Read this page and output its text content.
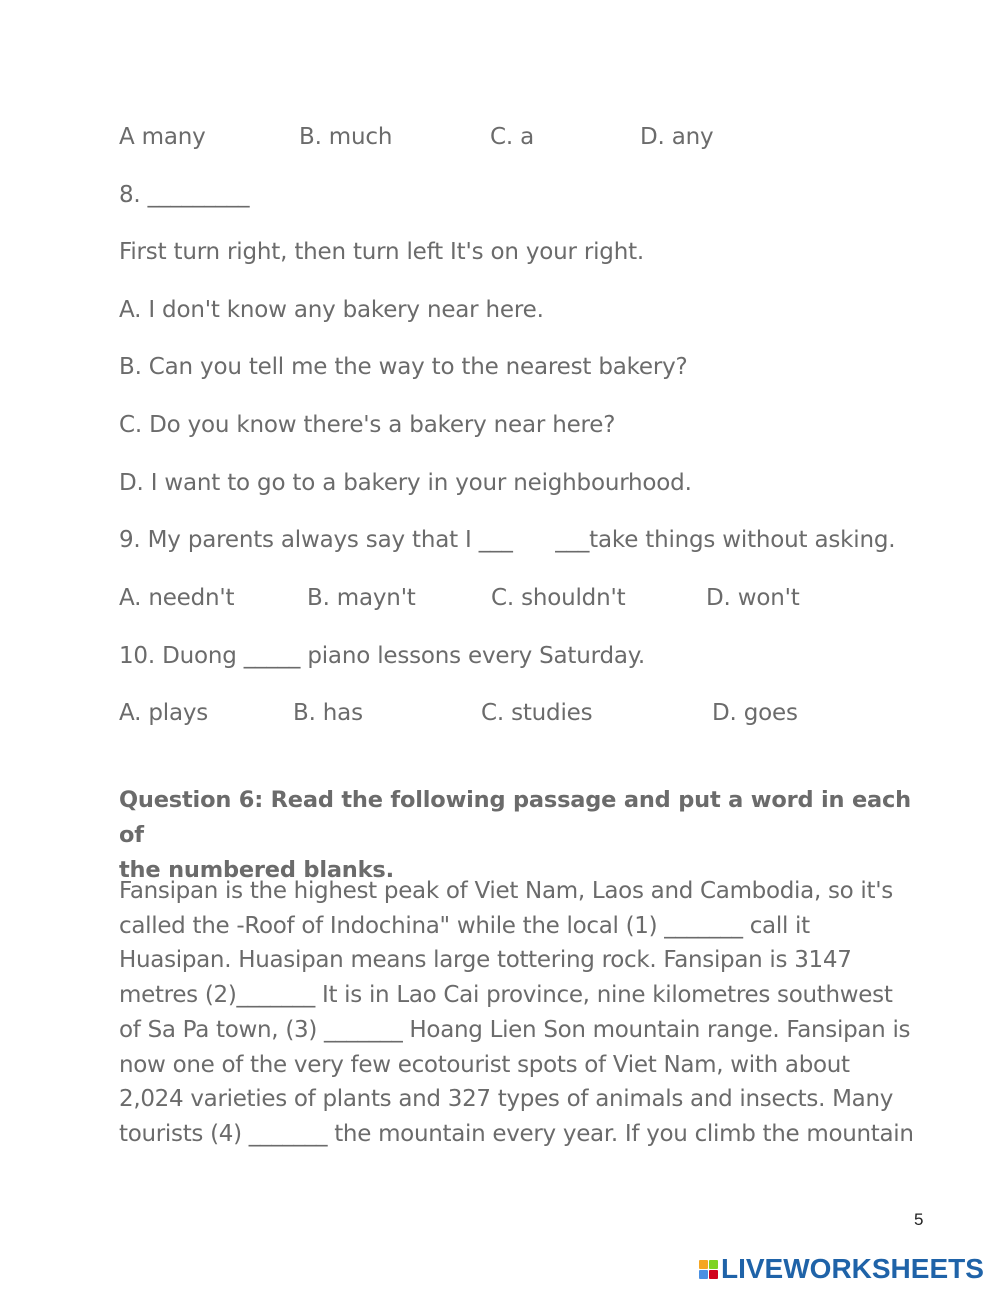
A many	B. much	C. a	D. any
8. _________
First turn right, then turn left It's on your right.
A. I don't know any bakery near here.
B. Can you tell me the way to the nearest bakery?
C. Do you know there's a bakery near here?
D. I want to go to a bakery in your neighbourhood.
9. My parents always say that I ___      ___take things without asking.
A. needn't	B. mayn't	C. shouldn't	D. won't
10. Duong _____ piano lessons every Saturday.
A. plays	B. has	C. studies	D. goes
Question 6: Read the following passage and put a word in each of
the numbered blanks.
Fansipan is the highest peak of Viet Nam, Laos and Cambodia, so it's
called the -Roof of Indochina" while the local (1) _______ call it
Huasipan. Huasipan means large tottering rock. Fansipan is 3147
metres (2)_______ It is in Lao Cai province, nine kilometres southwest
of Sa Pa town, (3) _______ Hoang Lien Son mountain range. Fansipan is
now one of the very few ecotourist spots of Viet Nam, with about
2,024 varieties of plants and 327 types of animals and insects. Many
tourists (4) _______ the mountain every year. If you climb the mountain
5
LIVEWORKSHEETS
